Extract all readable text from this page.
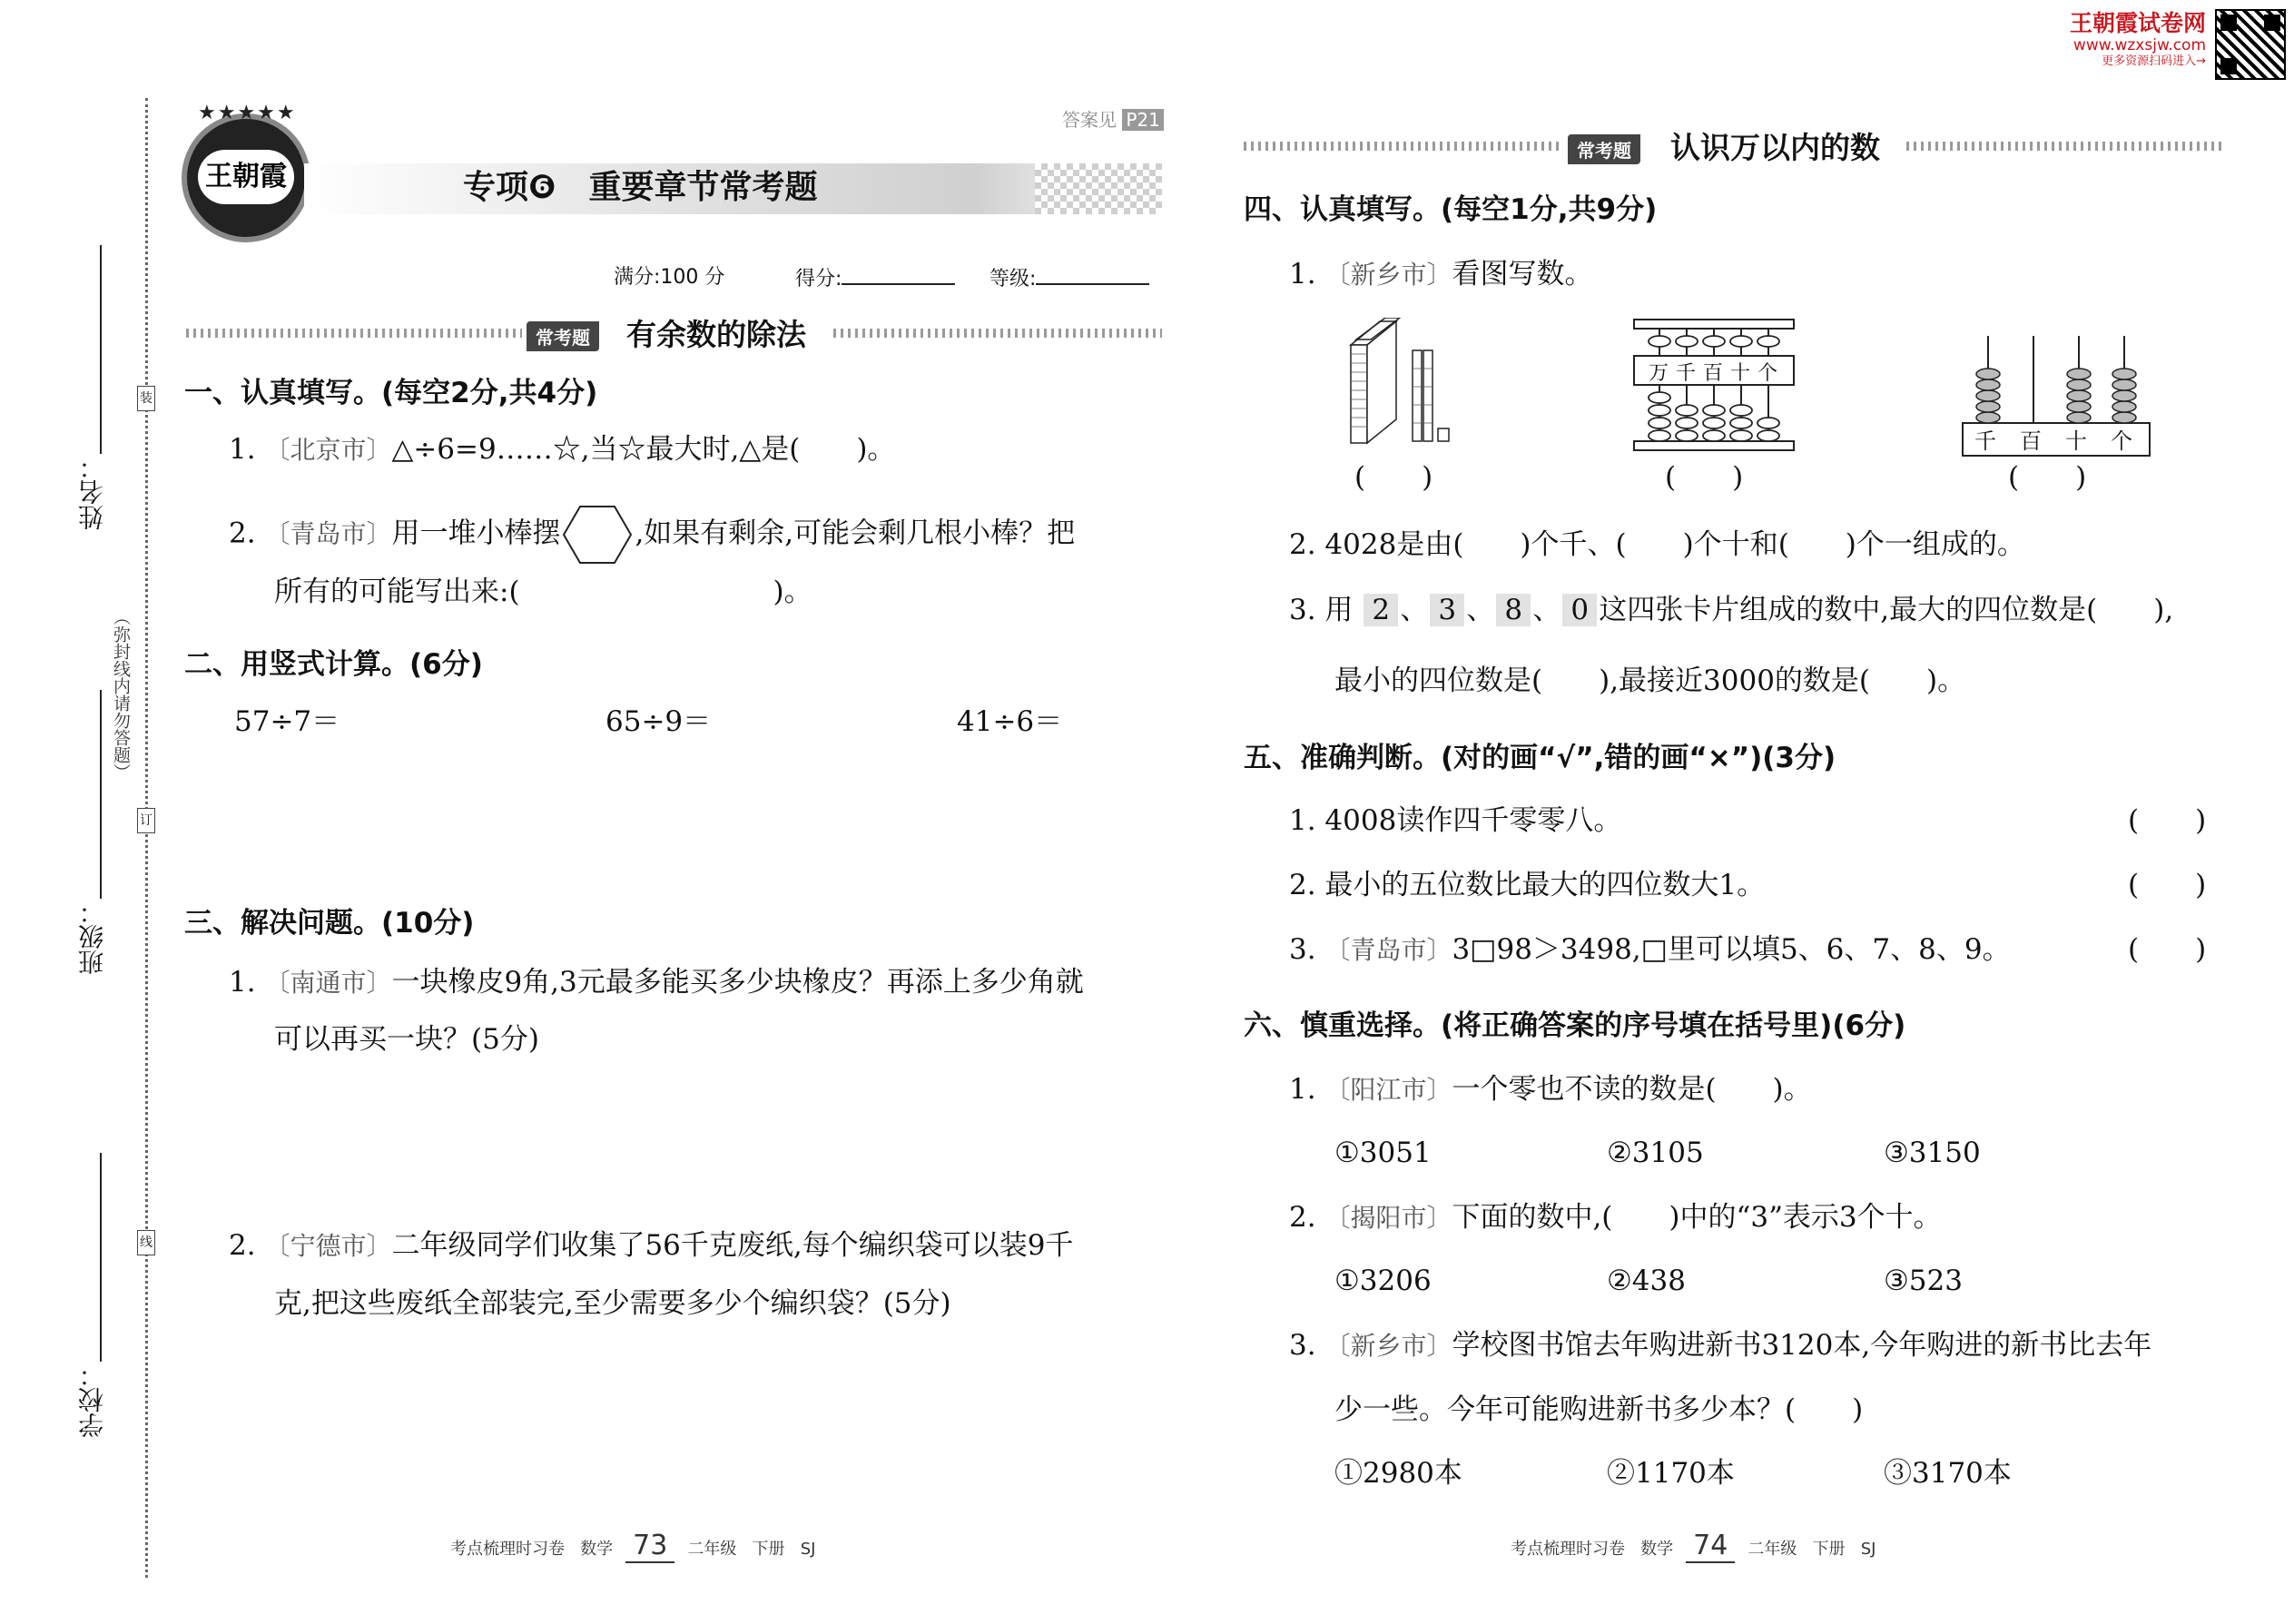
王朝霞试卷网
www.wzxsjw.com
更多资源扫码进入→
姓名：
班级：
学校：
（弥封线内请勿答题）
装
订
线
王朝霞
★★★★★	答案见 P21
专项❻　重要章节常考题
满分:100 分	得分:	等级:
常考题	有余数的除法
一、认真填写。(每空2分,共4分)
1. 〔北京市〕△÷6=9……☆,当☆最大时,△是(　　)。
2. 〔青岛市〕用一堆小棒摆	,如果有剩余,可能会剩几根小棒？把
所有的可能写出来:(　　　　　　　　　)。
二、用竖式计算。(6分)
57÷7＝	65÷9＝	41÷6＝
三、解决问题。(10分)
1. 〔南通市〕一块橡皮9角,3元最多能买多少块橡皮？再添上多少角就
可以再买一块？(5分)
2. 〔宁德市〕二年级同学们收集了56千克废纸,每个编织袋可以装9千
克,把这些废纸全部装完,至少需要多少个编织袋？(5分)
考点梳理时习卷 数学 73 二年级 下册 SJ
常考题	认识万以内的数
四、认真填写。(每空1分,共9分)
1. 〔新乡市〕看图写数。
(　　)
万 千 百 十 个
(　　)
千 百 十 个
(　　)
2. 4028是由(　　)个千、(　　)个十和(　　)个一组成的。
3. 用 2 、 3 、 8 、 0 这四张卡片组成的数中,最大的四位数是(　　),
最小的四位数是(　　),最接近3000的数是(　　)。
五、准确判断。(对的画“√”,错的画“×”)(3分)
1. 4008读作四千零零八。	(　　)
2. 最小的五位数比最大的四位数大1。	(　　)
3. 〔青岛市〕3□98＞3498,□里可以填5、6、7、8、9。	(　　)
六、慎重选择。(将正确答案的序号填在括号里)(6分)
1. 〔阳江市〕一个零也不读的数是(　　)。
①3051	②3105	③3150
2. 〔揭阳市〕下面的数中,(　　)中的“3”表示3个十。
①3206	②438	③523
3. 〔新乡市〕学校图书馆去年购进新书3120本,今年购进的新书比去年
少一些。今年可能购进新书多少本？(　　)
①2980本	②1170本	③3170本
考点梳理时习卷 数学 74 二年级 下册 SJ
